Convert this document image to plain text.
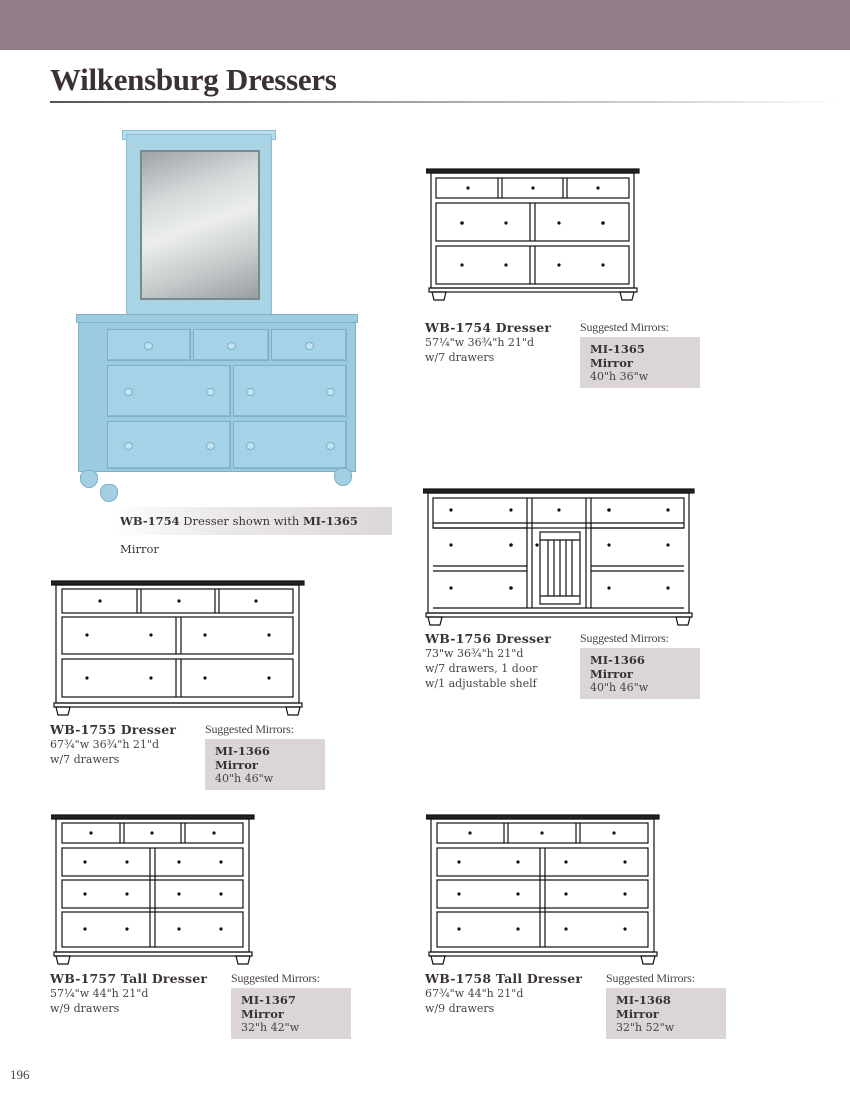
Wilkensburg Dressers
WB-1754 Dresser shown with MI-1365 Mirror
WB-1754 Dresser
57¼"w 36¾"h 21"d
w/7 drawers
Suggested Mirrors:
MI-1365 Mirror
40"h 36"w
WB-1756 Dresser
73"w 36¾"h 21"d
w/7 drawers, 1 door
w/1 adjustable shelf
Suggested Mirrors:
MI-1366 Mirror
40"h 46"w
WB-1755 Dresser
67¾"w 36¾"h 21"d
w/7 drawers
Suggested Mirrors:
MI-1366 Mirror
40"h 46"w
WB-1757 Tall Dresser
57¼"w 44"h 21"d
w/9 drawers
Suggested Mirrors:
MI-1367 Mirror
32"h 42"w
WB-1758 Tall Dresser
67¾"w 44"h 21"d
w/9 drawers
Suggested Mirrors:
MI-1368 Mirror
32"h 52"w
196
